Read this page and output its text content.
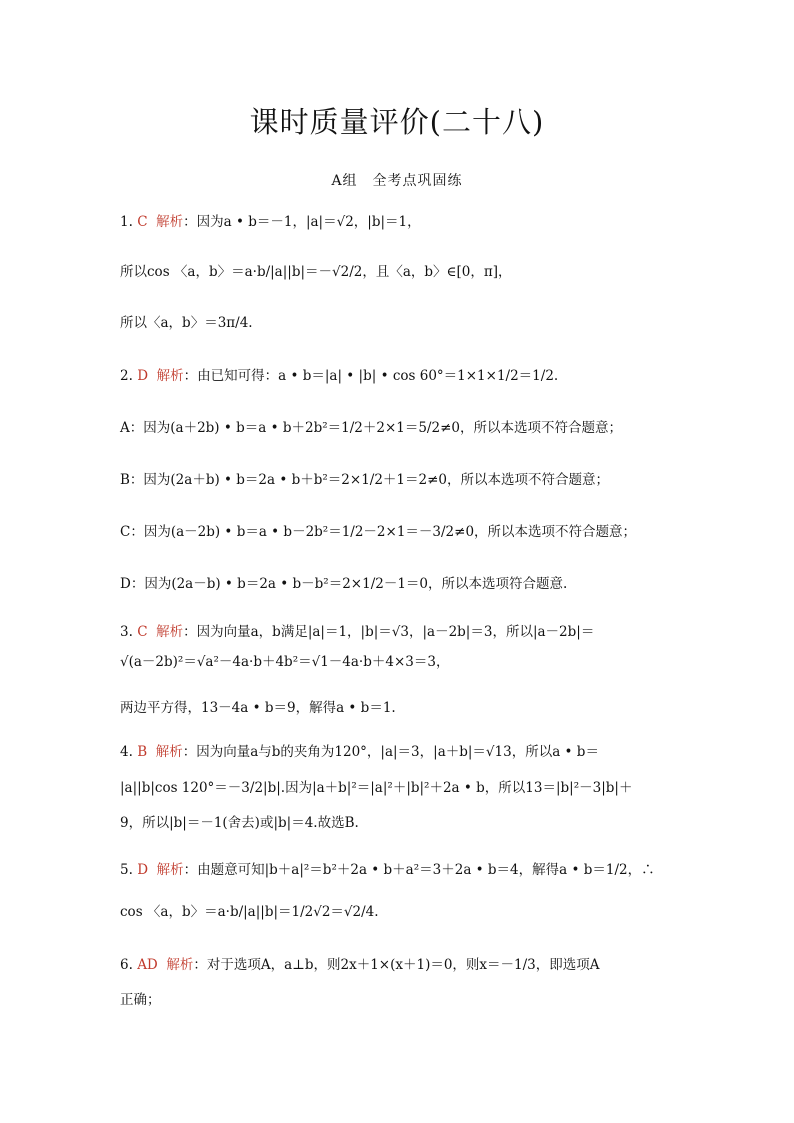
课时质量评价(二十八)
A组　全考点巩固练
1. C 解析：因为a • b＝－1，|a|＝√2，|b|＝1，
所以cos 〈a，b〉＝a·b/|a||b|＝－√2/2，且〈a，b〉∈[0，π]，
所以〈a，b〉＝3π/4.
2. D 解析：由已知可得：a • b＝|a| • |b| • cos 60°＝1×1×1/2＝1/2.
A：因为(a＋2b) • b＝a • b＋2b²＝1/2＋2×1＝5/2≠0，所以本选项不符合题意；
B：因为(2a＋b) • b＝2a • b＋b²＝2×1/2＋1＝2≠0，所以本选项不符合题意；
C：因为(a－2b) • b＝a • b－2b²＝1/2－2×1＝－3/2≠0，所以本选项不符合题意；
D：因为(2a－b) • b＝2a • b－b²＝2×1/2－1＝0，所以本选项符合题意.
3. C 解析：因为向量a，b满足|a|＝1，|b|＝√3，|a－2b|＝3，所以|a－2b|＝
√(a－2b)²＝√a²－4a·b＋4b²＝√1－4a·b＋4×3＝3，
两边平方得，13－4a • b＝9，解得a • b＝1.
4. B 解析：因为向量a与b的夹角为120°，|a|＝3，|a＋b|＝√13，所以a • b＝
|a||b|cos 120°＝－3/2|b|.因为|a＋b|²＝|a|²＋|b|²＋2a • b，所以13＝|b|²－3|b|＋
9，所以|b|＝－1(舍去)或|b|＝4.故选B.
5. D 解析：由题意可知|b＋a|²＝b²＋2a • b＋a²＝3＋2a • b＝4，解得a • b＝1/2，∴
cos 〈a，b〉＝a·b/|a||b|＝1/2√2＝√2/4.
6. AD 解析：对于选项A，a⊥b，则2x＋1×(x＋1)＝0，则x＝－1/3，即选项A
正确；
